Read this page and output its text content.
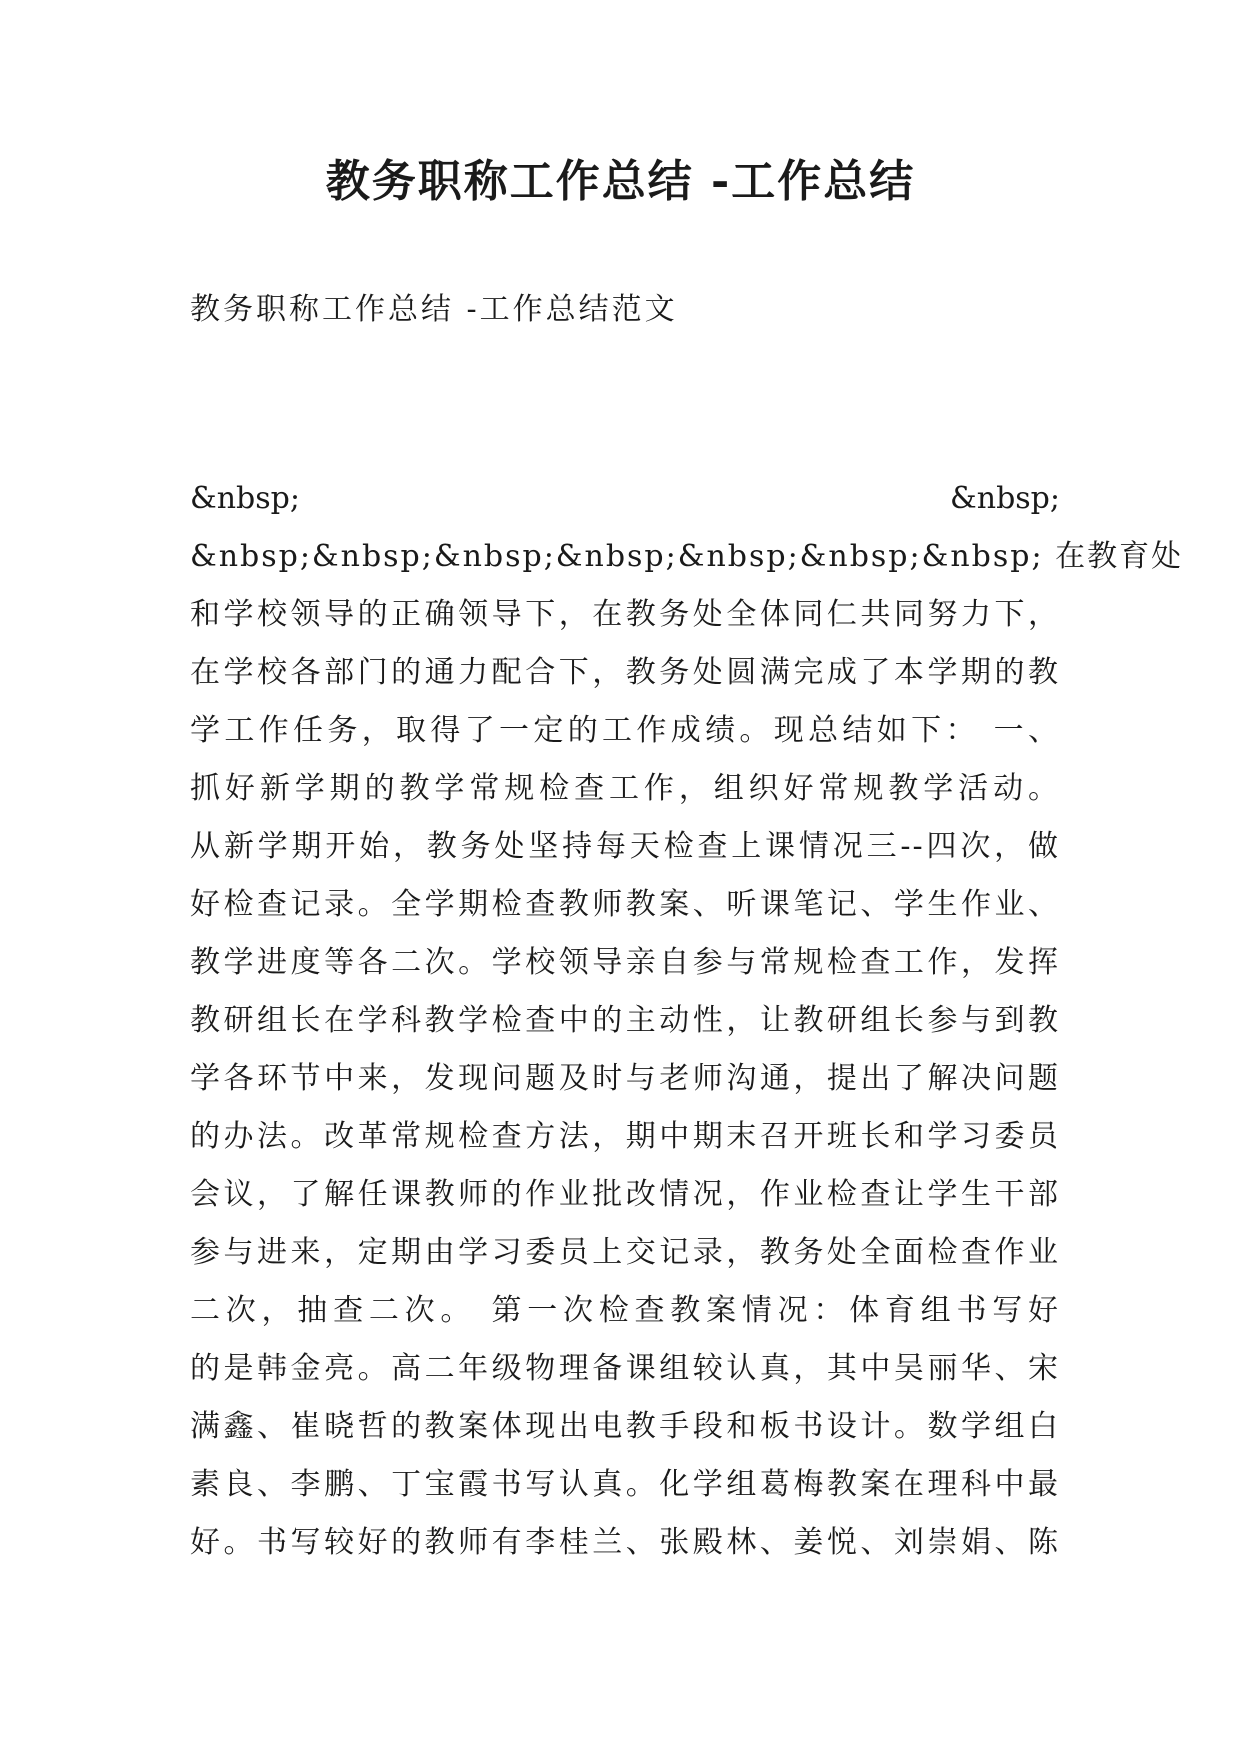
教务职称工作总结 -工作总结

教务职称工作总结 -工作总结范文

&nbsp; &nbsp;
&nbsp;&nbsp;&nbsp;&nbsp;&nbsp;&nbsp;&nbsp; 在教育处
和学校领导的正确领导下，在教务处全体同仁共同努力下，
在学校各部门的通力配合下，教务处圆满完成了本学期的教
学工作任务，取得了一定的工作成绩。现总结如下： 一、
抓好新学期的教学常规检查工作，组织好常规教学活动。
从新学期开始，教务处坚持每天检查上课情况三--四次，做
好检查记录。全学期检查教师教案、听课笔记、学生作业、
教学进度等各二次。学校领导亲自参与常规检查工作，发挥
教研组长在学科教学检查中的主动性，让教研组长参与到教
学各环节中来，发现问题及时与老师沟通，提出了解决问题
的办法。改革常规检查方法，期中期末召开班长和学习委员
会议，了解任课教师的作业批改情况，作业检查让学生干部
参与进来，定期由学习委员上交记录，教务处全面检查作业
二次，抽查二次。 第一次检查教案情况：体育组书写好
的是韩金亮。高二年级物理备课组较认真，其中吴丽华、宋
满鑫、崔晓哲的教案体现出电教手段和板书设计。数学组白
素良、李鹏、丁宝霞书写认真。化学组葛梅教案在理科中最
好。书写较好的教师有李桂兰、张殿林、姜悦、刘崇娟、陈
